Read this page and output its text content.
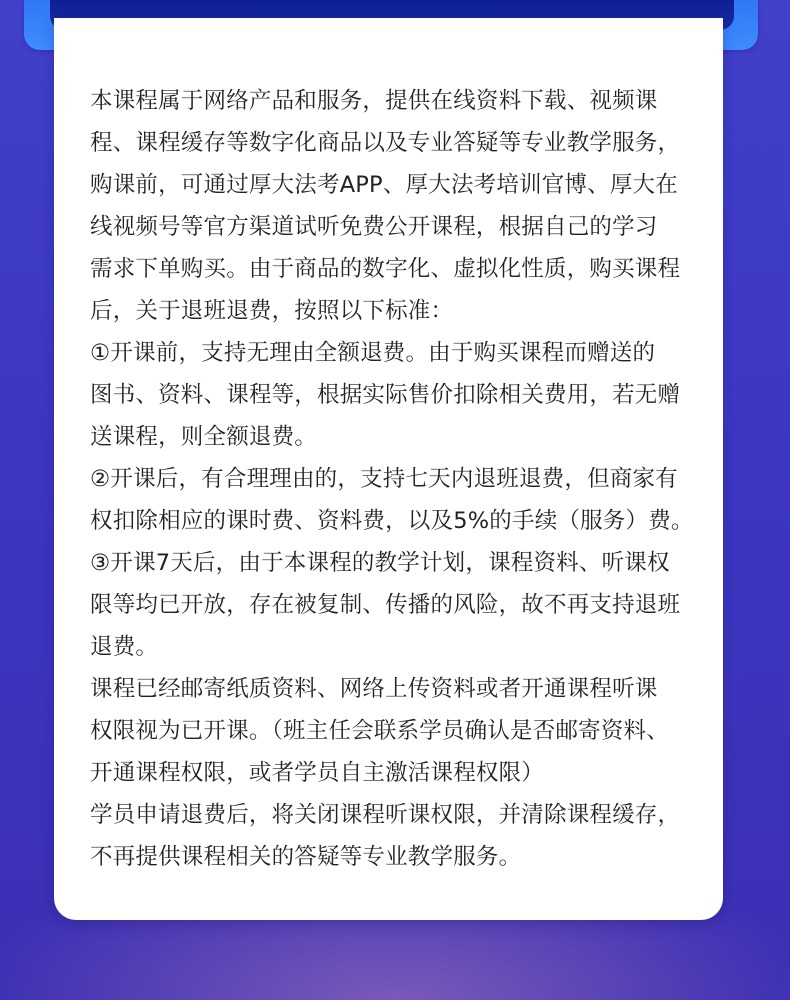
本课程属于网络产品和服务，提供在线资料下载、视频课
程、课程缓存等数字化商品以及专业答疑等专业教学服务，
购课前，可通过厚大法考APP、厚大法考培训官博、厚大在
线视频号等官方渠道试听免费公开课程，根据自己的学习
需求下单购买。由于商品的数字化、虚拟化性质，购买课程
后，关于退班退费，按照以下标准：

①开课前，支持无理由全额退费。由于购买课程而赠送的
图书、资料、课程等，根据实际售价扣除相关费用，若无赠
送课程，则全额退费。

②开课后，有合理理由的，支持七天内退班退费，但商家有
权扣除相应的课时费、资料费，以及5%的手续（服务）费。

③开课7天后，由于本课程的教学计划，课程资料、听课权
限等均已开放，存在被复制、传播的风险，故不再支持退班
退费。

课程已经邮寄纸质资料、网络上传资料或者开通课程听课
权限视为已开课。（班主任会联系学员确认是否邮寄资料、
开通课程权限，或者学员自主激活课程权限）

学员申请退费后，将关闭课程听课权限，并清除课程缓存，
不再提供课程相关的答疑等专业教学服务。
